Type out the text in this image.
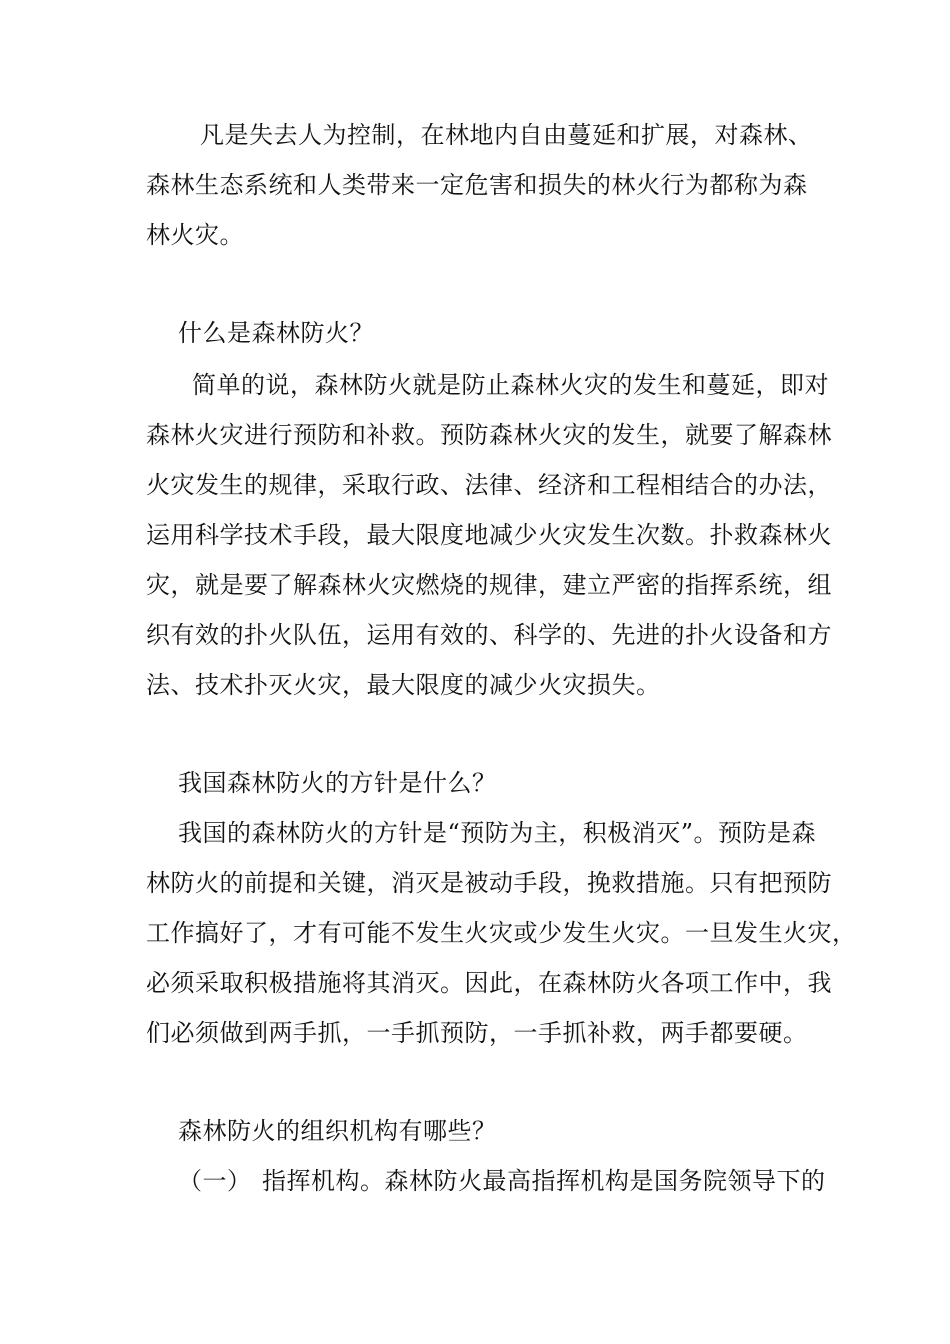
凡是失去人为控制，在林地内自由蔓延和扩展，对森林、
森林生态系统和人类带来一定危害和损失的林火行为都称为森
林火灾。
什么是森林防火？
简单的说，森林防火就是防止森林火灾的发生和蔓延，即对
森林火灾进行预防和补救。预防森林火灾的发生，就要了解森林
火灾发生的规律，采取行政、法律、经济和工程相结合的办法，
运用科学技术手段，最大限度地减少火灾发生次数。扑救森林火
灾，就是要了解森林火灾燃烧的规律，建立严密的指挥系统，组
织有效的扑火队伍，运用有效的、科学的、先进的扑火设备和方
法、技术扑灭火灾，最大限度的减少火灾损失。
我国森林防火的方针是什么？
我国的森林防火的方针是“预防为主，积极消灭”。预防是森
林防火的前提和关键，消灭是被动手段，挽救措施。只有把预防
工作搞好了，才有可能不发生火灾或少发生火灾。一旦发生火灾，
必须采取积极措施将其消灭。因此，在森林防火各项工作中，我
们必须做到两手抓，一手抓预防，一手抓补救，两手都要硬。
森林防火的组织机构有哪些？
（一） 指挥机构。森林防火最高指挥机构是国务院领导下的
